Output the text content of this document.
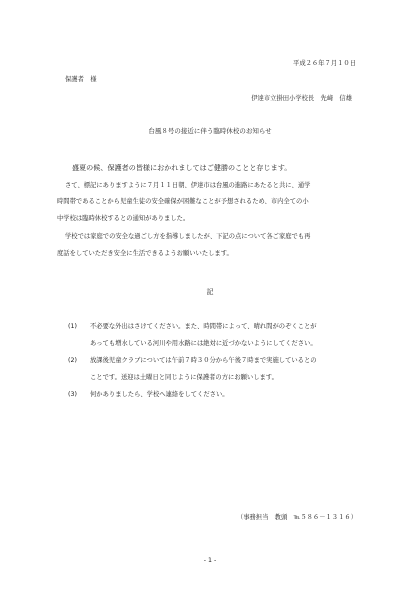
平成２６年７月１０日
保護者　様
伊達市立掛田小学校長　先﨑　信雄
台風８号の接近に伴う臨時休校のお知らせ
盛夏の候、保護者の皆様におかれましてはご健勝のことと存じます。
さて、標記にありますように７月１１日朝、伊達市は台風の進路にあたると共に、通学
時間帯であることから児童生徒の安全確保が困難なことが予想されるため、市内全ての小
中学校は臨時休校するとの通知がありました。
学校では家庭での安全な過ごし方を指導しましたが、下記の点について各ご家庭でも再
度話をしていただき安全に生活できるようお願いいたします。
記
(1) 不必要な外出はさけてください。また、時間帯によって、晴れ間がのぞくことが
あっても増水している河川や用水路には絶対に近づかないようにしてください。
(2) 放課後児童クラブについては午前７時３０分から午後７時まで実施しているとの
ことです。送迎は土曜日と同じように保護者の方にお願いします。
(3) 何かありましたら、学校へ連絡をしてください。
（事務担当　教頭　℡５８６－１３１６）
- 1 -
